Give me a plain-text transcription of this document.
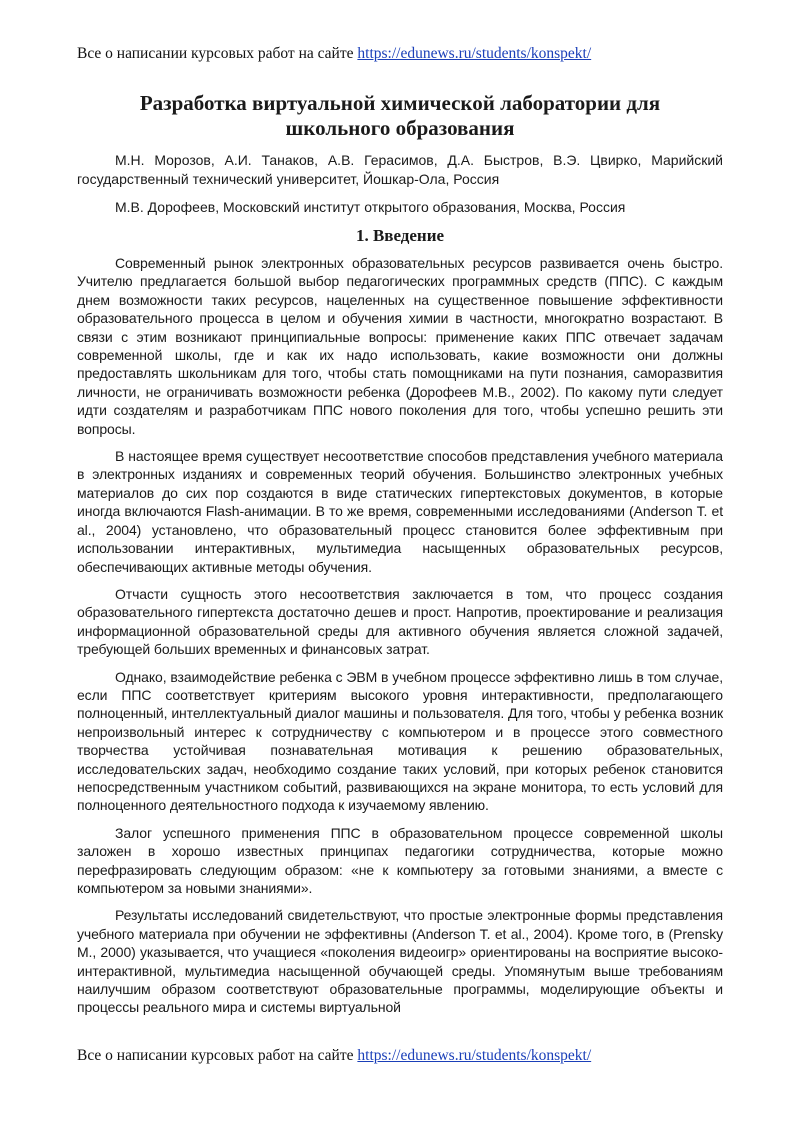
Все о написании курсовых работ на сайте https://edunews.ru/students/konspekt/
Разработка виртуальной химической лаборатории для
школьного образования

М.Н. Морозов, А.И. Танаков, А.В. Герасимов, Д.А. Быстров, В.Э. Цвирко, Марийский государственный технический университет, Йошкар-Ола, Россия

М.В. Дорофеев, Московский институт открытого образования, Москва, Россия

1. Введение

Современный рынок электронных образовательных ресурсов развивается очень быстро. Учителю предлагается большой выбор педагогических программных средств (ППС). С каждым днем возможности таких ресурсов, нацеленных на существенное повышение эффективности образовательного процесса в целом и обучения химии в частности, многократно возрастают. В связи с этим возникают принципиальные вопросы: применение каких ППС отвечает задачам современной школы, где и как их надо использовать, какие возможности они должны предоставлять школьникам для того, чтобы стать помощниками на пути познания, саморазвития личности, не ограничивать возможности ребенка (Дорофеев М.В., 2002). По какому пути следует идти создателям и разработчикам ППС нового поколения для того, чтобы успешно решить эти вопросы.

В настоящее время существует несоответствие способов представления учебного материала в электронных изданиях и современных теорий обучения. Большинство электронных учебных материалов до сих пор создаются в виде статических гипертекстовых документов, в которые иногда включаются Flash-анимации. В то же время, современными исследованиями (Anderson T. et al., 2004) установлено, что образовательный процесс становится более эффективным при использовании интерактивных, мультимедиа насыщенных образовательных ресурсов, обеспечивающих активные методы обучения.

Отчасти сущность этого несоответствия заключается в том, что процесс создания образовательного гипертекста достаточно дешев и прост. Напротив, проектирование и реализация информационной образовательной среды для активного обучения является сложной задачей, требующей больших временных и финансовых затрат.

Однако, взаимодействие ребенка с ЭВМ в учебном процессе эффективно лишь в том случае, если ППС соответствует критериям высокого уровня интерактивности, предполагающего полноценный, интеллектуальный диалог машины и пользователя. Для того, чтобы у ребенка возник непроизвольный интерес к сотрудничеству с компьютером и в процессе этого совместного творчества устойчивая познавательная мотивация к решению образовательных, исследовательских задач, необходимо создание таких условий, при которых ребенок становится непосредственным участником событий, развивающихся на экране монитора, то есть условий для полноценного деятельностного подхода к изучаемому явлению.

Залог успешного применения ППС в образовательном процессе современной школы заложен в хорошо известных принципах педагогики сотрудничества, которые можно перефразировать следующим образом: «не к компьютеру за готовыми знаниями, а вместе с компьютером за новыми знаниями».

Результаты исследований свидетельствуют, что простые электронные формы представления учебного материала при обучении не эффективны (Anderson T. et al., 2004). Кроме того, в (Prensky M., 2000) указывается, что учащиеся «поколения видеоигр» ориентированы на восприятие высоко-интерактивной, мультимедиа насыщенной обучающей среды. Упомянутым выше требованиям наилучшим образом соответствуют образовательные программы, моделирующие объекты и процессы реального мира и системы виртуальной

Все о написании курсовых работ на сайте https://edunews.ru/students/konspekt/
